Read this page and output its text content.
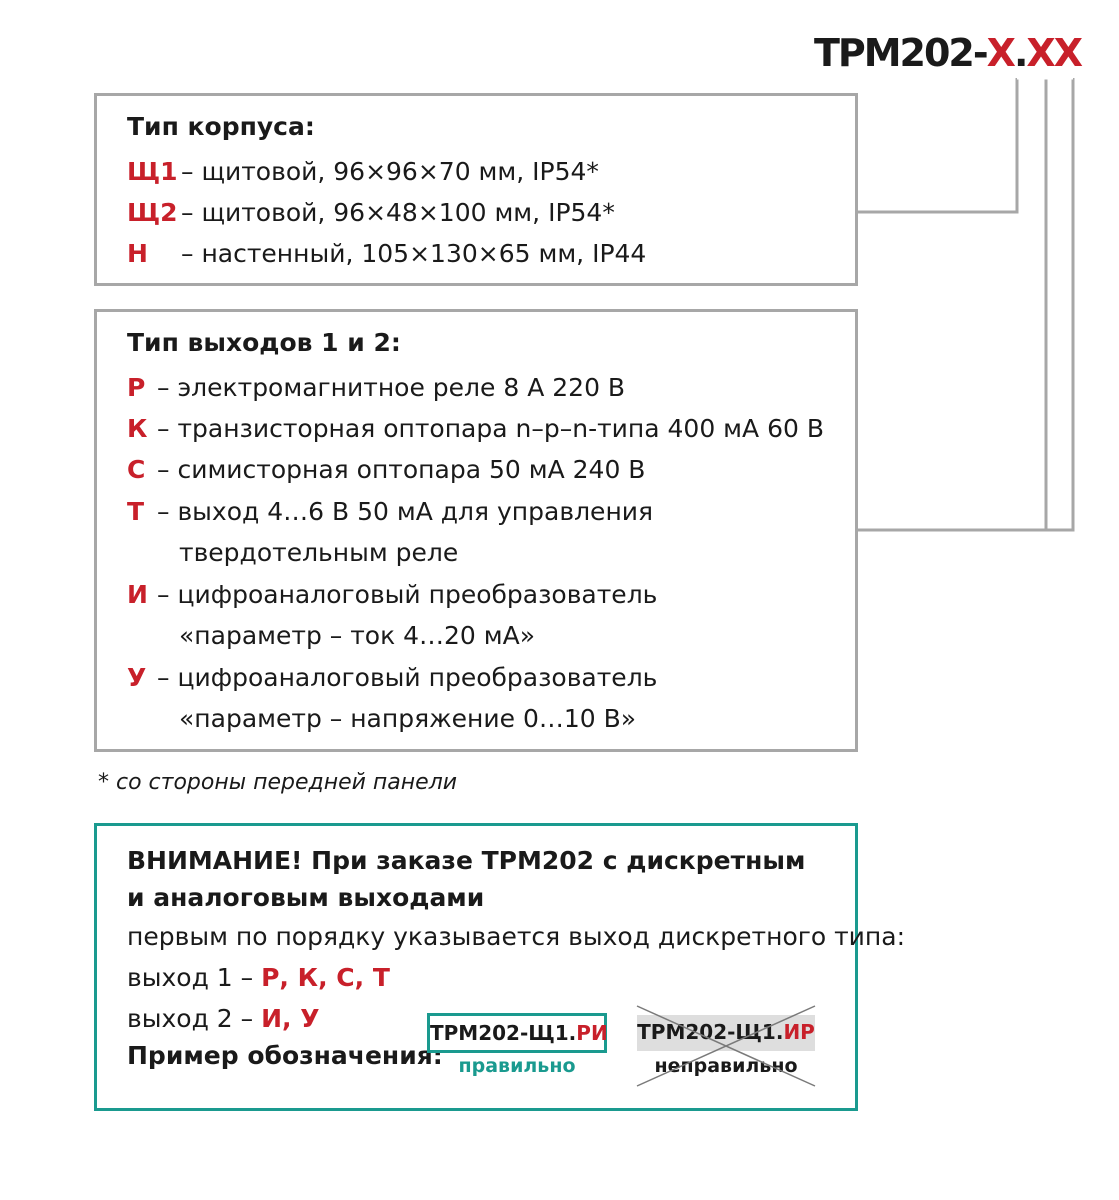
ТРМ202-Х.ХХ
Тип корпуса:
Щ1 – щитовой, 96×96×70 мм, IP54*
Щ2 – щитовой, 96×48×100 мм, IP54*
Н – настенный, 105×130×65 мм, IP44
Тип выходов 1 и 2:
Р – электромагнитное реле 8 А 220 В
К – транзисторная оптопара n–p–n-типа 400 мА 60 В
С – симисторная оптопара 50 мА 240 В
Т – выход 4…6 В 50 мА для управления
твердотельным реле
И – цифроаналоговый преобразователь
«параметр – ток 4…20 мА»
У – цифроаналоговый преобразователь
«параметр – напряжение 0…10 В»
* со стороны передней панели
ВНИМАНИЕ! При заказе ТРМ202 с дискретным
и аналоговым выходами
первым по порядку указывается выход дискретного типа:
выход 1 – Р, К, С, Т
выход 2 – И, У
Пример обозначения:
ТРМ202-Щ1.РИ
правильно
ТРМ202-Щ1.ИР
неправильно
